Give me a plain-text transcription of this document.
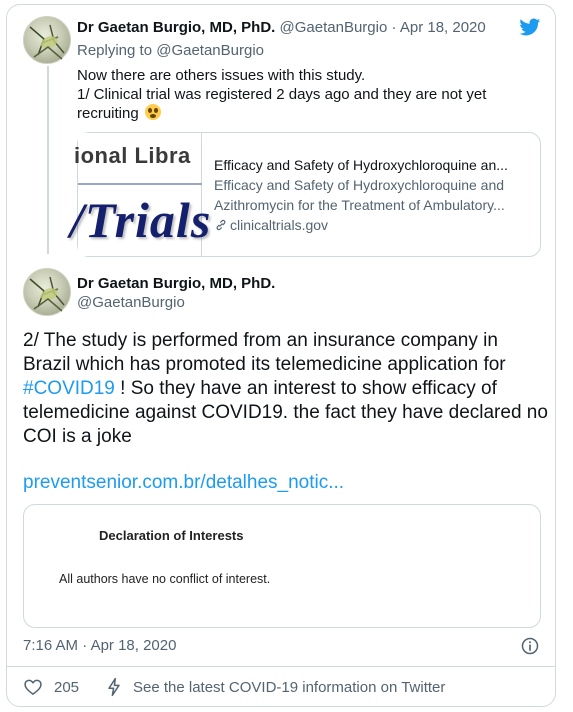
Dr Gaetan Burgio, MD, PhD. @GaetanBurgio · Apr 18, 2020
Replying to @GaetanBurgio
Now there are others issues with this study.
1/ Clinical trial was registered 2 days ago and they are not yet recruiting
ional Libra
/Trials
Efficacy and Safety of Hydroxychloroquine an...
Efficacy and Safety of Hydroxychloroquine and
Azithromycin for the Treatment of Ambulatory...
clinicaltrials.gov
Dr Gaetan Burgio, MD, PhD.
@GaetanBurgio
2/ The study is performed from an insurance company in Brazil which has promoted its telemedicine application for #COVID19 ! So they have an interest to show efficacy of telemedicine against COVID19. the fact they have declared no COI is a joke
preventsenior.com.br/detalhes_notic...
Declaration of Interests
All authors have no conflict of interest.
7:16 AM · Apr 18, 2020
205	See the latest COVID-19 information on Twitter
